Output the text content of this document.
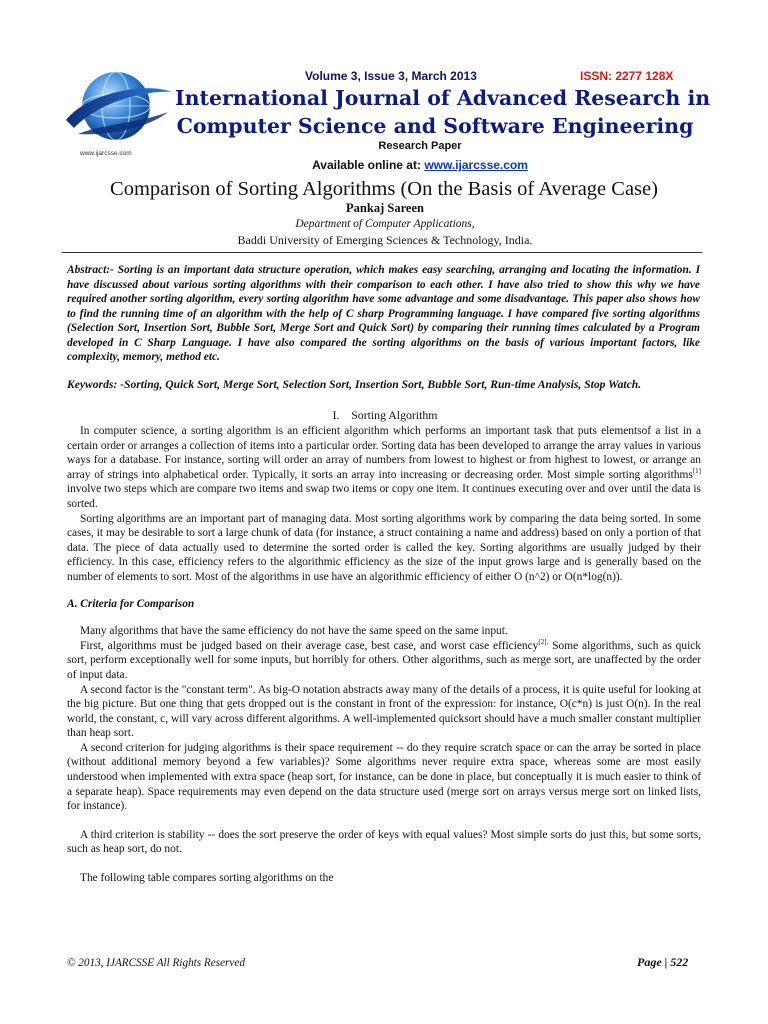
www.ijarcsse.com
Volume 3, Issue 3, March 2013	ISSN: 2277 128X
International Journal of Advanced Research in
Computer Science and Software Engineering
Research Paper
Available online at: www.ijarcsse.com
Comparison of Sorting Algorithms (On the Basis of Average Case)
Pankaj Sareen
Department of Computer Applications,
Baddi University of Emerging Sciences & Technology, India.
Abstract:- Sorting is an important data structure operation, which makes easy searching, arranging and locating the information. I have discussed about various sorting algorithms with their comparison to each other. I have also tried to show this why we have required another sorting algorithm, every sorting algorithm have some advantage and some disadvantage. This paper also shows how to find the running time of an algorithm with the help of C sharp Programming language. I have compared five sorting algorithms (Selection Sort, Insertion Sort, Bubble Sort, Merge Sort and Quick Sort) by comparing their running times calculated by a Program developed in C Sharp Language. I have also compared the sorting algorithms on the basis of various important factors, like complexity, memory, method etc.
Keywords: -Sorting, Quick Sort, Merge Sort, Selection Sort, Insertion Sort, Bubble Sort, Run-time Analysis, Stop Watch.
I.    Sorting Algorithm

In computer science, a sorting algorithm is an efficient algorithm which performs an important task that puts elementsof a list in a certain order or arranges a collection of items into a particular order. Sorting data has been developed to arrange the array values in various ways for a database. For instance, sorting will order an array of numbers from lowest to highest or from highest to lowest, or arrange an array of strings into alphabetical order. Typically, it sorts an array into increasing or decreasing order. Most simple sorting algorithms[1] involve two steps which are compare two items and swap two items or copy one item. It continues executing over and over until the data is sorted.

Sorting algorithms are an important part of managing data. Most sorting algorithms work by comparing the data being sorted. In some cases, it may be desirable to sort a large chunk of data (for instance, a struct containing a name and address) based on only a portion of that data. The piece of data actually used to determine the sorted order is called the key. Sorting algorithms are usually judged by their efficiency. In this case, efficiency refers to the algorithmic efficiency as the size of the input grows large and is generally based on the number of elements to sort. Most of the algorithms in use have an algorithmic efficiency of either O (n^2) or O(n*log(n)).

A. Criteria for Comparison

Many algorithms that have the same efficiency do not have the same speed on the same input.

First, algorithms must be judged based on their average case, best case, and worst case efficiency$^{[2].}$ Some algorithms, such as quick sort, perform exceptionally well for some inputs, but horribly for others. Other algorithms, such as merge sort, are unaffected by the order of input data.

A second factor is the "constant term". As big-O notation abstracts away many of the details of a process, it is quite useful for looking at the big picture. But one thing that gets dropped out is the constant in front of the expression: for instance, O(c*n) is just O(n). In the real world, the constant, c, will vary across different algorithms. A well-implemented quicksort should have a much smaller constant multiplier than heap sort.

A second criterion for judging algorithms is their space requirement -- do they require scratch space or can the array be sorted in place (without additional memory beyond a few variables)? Some algorithms never require extra space, whereas some are most easily understood when implemented with extra space (heap sort, for instance, can be done in place, but conceptually it is much easier to think of a separate heap). Space requirements may even depend on the data structure used (merge sort on arrays versus merge sort on linked lists, for instance).

A third criterion is stability -- does the sort preserve the order of keys with equal values? Most simple sorts do just this, but some sorts, such as heap sort, do not.

The following table compares sorting algorithms on the

© 2013, IJARCSSE All Rights Reserved	Page | 522
